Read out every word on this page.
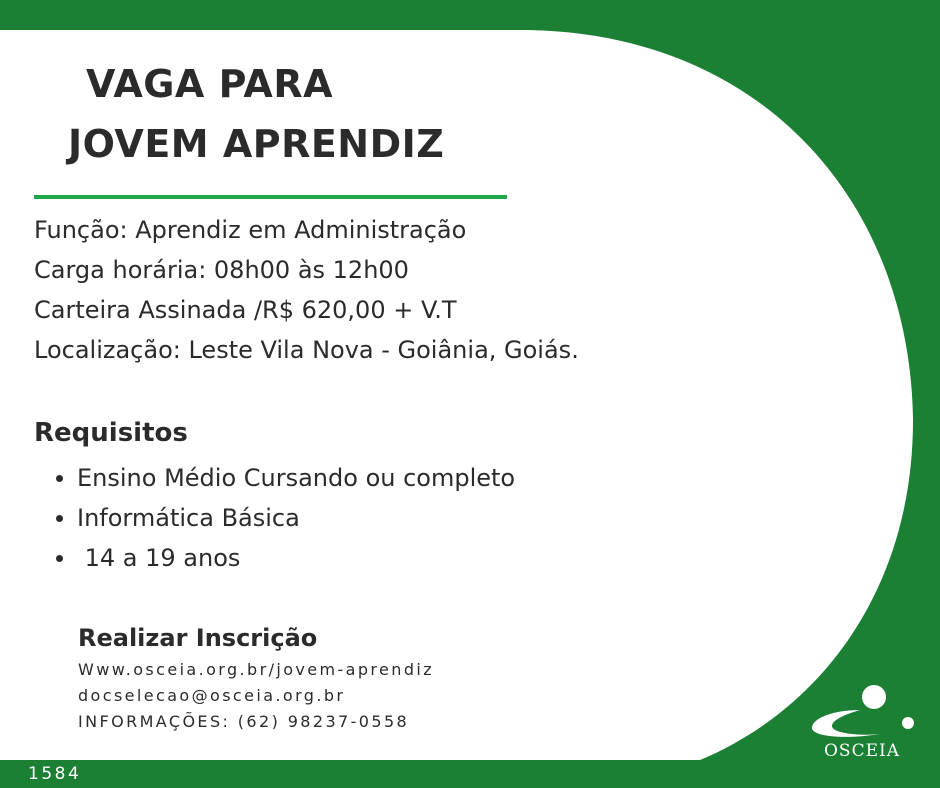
VAGA PARA
JOVEM APRENDIZ
Função: Aprendiz em Administração
Carga horária: 08h00 às 12h00
Carteira Assinada /R$ 620,00 + V.T
Localização: Leste Vila Nova - Goiânia, Goiás.
Requisitos
Ensino Médio Cursando ou completo
Informática Básica
14 a 19 anos
Realizar Inscrição
Www.osceia.org.br/jovem-aprendiz
docselecao@osceia.org.br
INFORMAÇÕES: (62) 98237-0558
OSCEIA
1584
